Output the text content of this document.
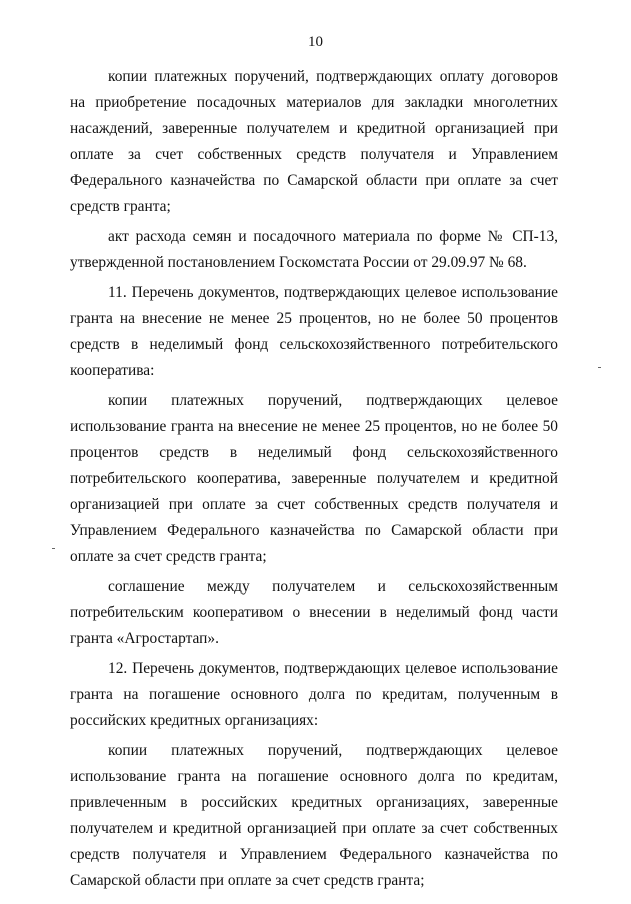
10

копии платежных поручений, подтверждающих оплату договоров на приобретение посадочных материалов для закладки многолетних насаждений, заверенные получателем и кредитной организацией при оплате за счет собственных средств получателя и Управлением Федерального казначейства по Самарской области при оплате за счет средств гранта;

акт расхода семян и посадочного материала по форме № СП-13, утвержденной постановлением Госкомстата России от 29.09.97 № 68.

11. Перечень документов, подтверждающих целевое использование гранта на внесение не менее 25 процентов, но не более 50 процентов средств в неделимый фонд сельскохозяйственного потребительского кооператива:

копии платежных поручений, подтверждающих целевое использование гранта на внесение не менее 25 процентов, но не более 50 процентов средств в неделимый фонд сельскохозяйственного потребительского кооператива, заверенные получателем и кредитной организацией при оплате за счет собственных средств получателя и Управлением Федерального казначейства по Самарской области при оплате за счет средств гранта;

соглашение между получателем и сельскохозяйственным потребительским кооперативом о внесении в неделимый фонд части гранта «Агростартап».

12. Перечень документов, подтверждающих целевое использование гранта на погашение основного долга по кредитам, полученным в российских кредитных организациях:

копии платежных поручений, подтверждающих целевое использование гранта на погашение основного долга по кредитам, привлеченным в российских кредитных организациях, заверенные получателем и кредитной организацией при оплате за счет собственных средств получателя и Управлением Федерального казначейства по Самарской области при оплате за счет средств гранта;
